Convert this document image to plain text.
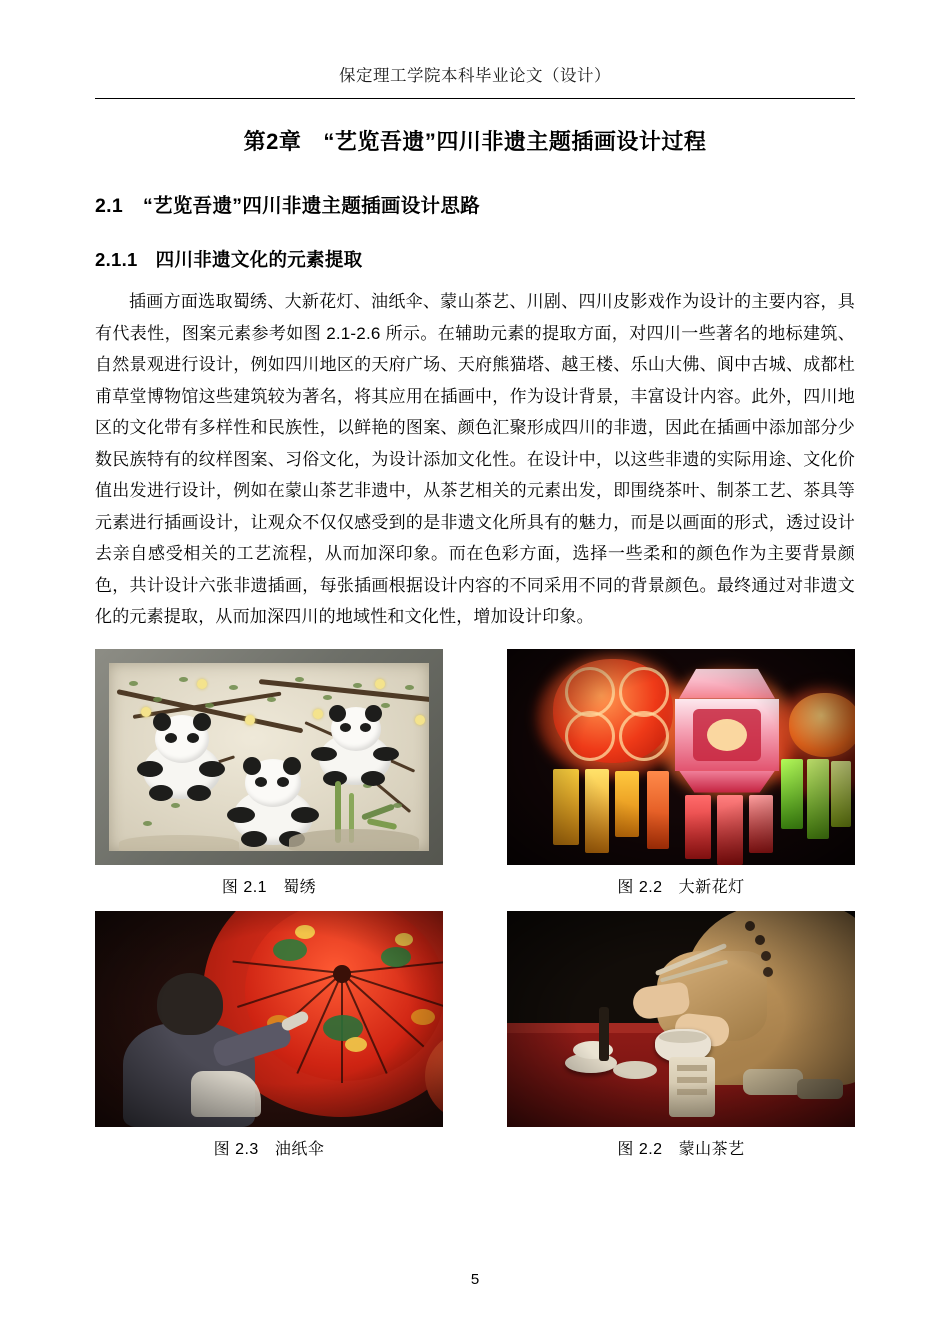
保定理工学院本科毕业论文（设计）
第2章 “艺览吾遗”四川非遗主题插画设计过程
2.1 “艺览吾遗”四川非遗主题插画设计思路
2.1.1 四川非遗文化的元素提取
插画方面选取蜀绣、大新花灯、油纸伞、蒙山茶艺、川剧、四川皮影戏作为设计的主要内容，具有代表性，图案元素参考如图 2.1-2.6 所示。在辅助元素的提取方面，对四川一些著名的地标建筑、自然景观进行设计，例如四川地区的天府广场、天府熊猫塔、越王楼、乐山大佛、阆中古城、成都杜甫草堂博物馆这些建筑较为著名，将其应用在插画中，作为设计背景，丰富设计内容。此外，四川地区的文化带有多样性和民族性，以鲜艳的图案、颜色汇聚形成四川的非遗，因此在插画中添加部分少数民族特有的纹样图案、习俗文化，为设计添加文化性。在设计中，以这些非遗的实际用途、文化价值出发进行设计，例如在蒙山茶艺非遗中，从茶艺相关的元素出发，即围绕茶叶、制茶工艺、茶具等元素进行插画设计，让观众不仅仅感受到的是非遗文化所具有的魅力，而是以画面的形式，透过设计去亲自感受相关的工艺流程，从而加深印象。而在色彩方面，选择一些柔和的颜色作为主要背景颜色，共计设计六张非遗插画，每张插画根据设计内容的不同采用不同的背景颜色。最终通过对非遗文化的元素提取，从而加深四川的地域性和文化性，增加设计印象。
图 2.1 蜀绣	图 2.2 大新花灯
图 2.3 油纸伞	图 2.2 蒙山茶艺
5
